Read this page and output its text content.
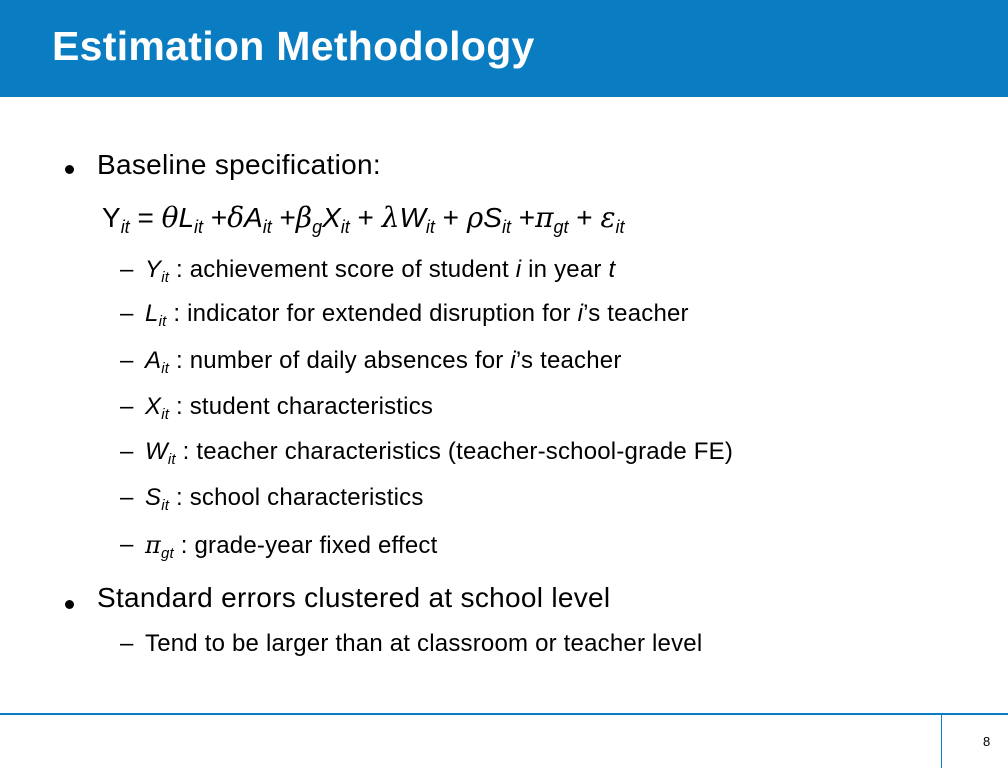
Estimation Methodology
Baseline specification:
$Y_{it} = \theta L_{it} +\delta A_{it} +\beta_gX_{it} + \lambda W_{it} + \rho S_{it} +\pi_{gt} + \varepsilon_{it}$
– $Y_{it}$ : achievement score of student i in year t
– $L_{it}$ : indicator for extended disruption for i’s teacher
– $A_{it}$ : number of daily absences for i’s teacher
– $X_{it}$ : student characteristics
– $W_{it}$ : teacher characteristics (teacher-school-grade FE)
– $S_{it}$ : school characteristics
– $\pi_{gt}$ : grade-year fixed effect
Standard errors clustered at school level
– Tend to be larger than at classroom or teacher level
8
